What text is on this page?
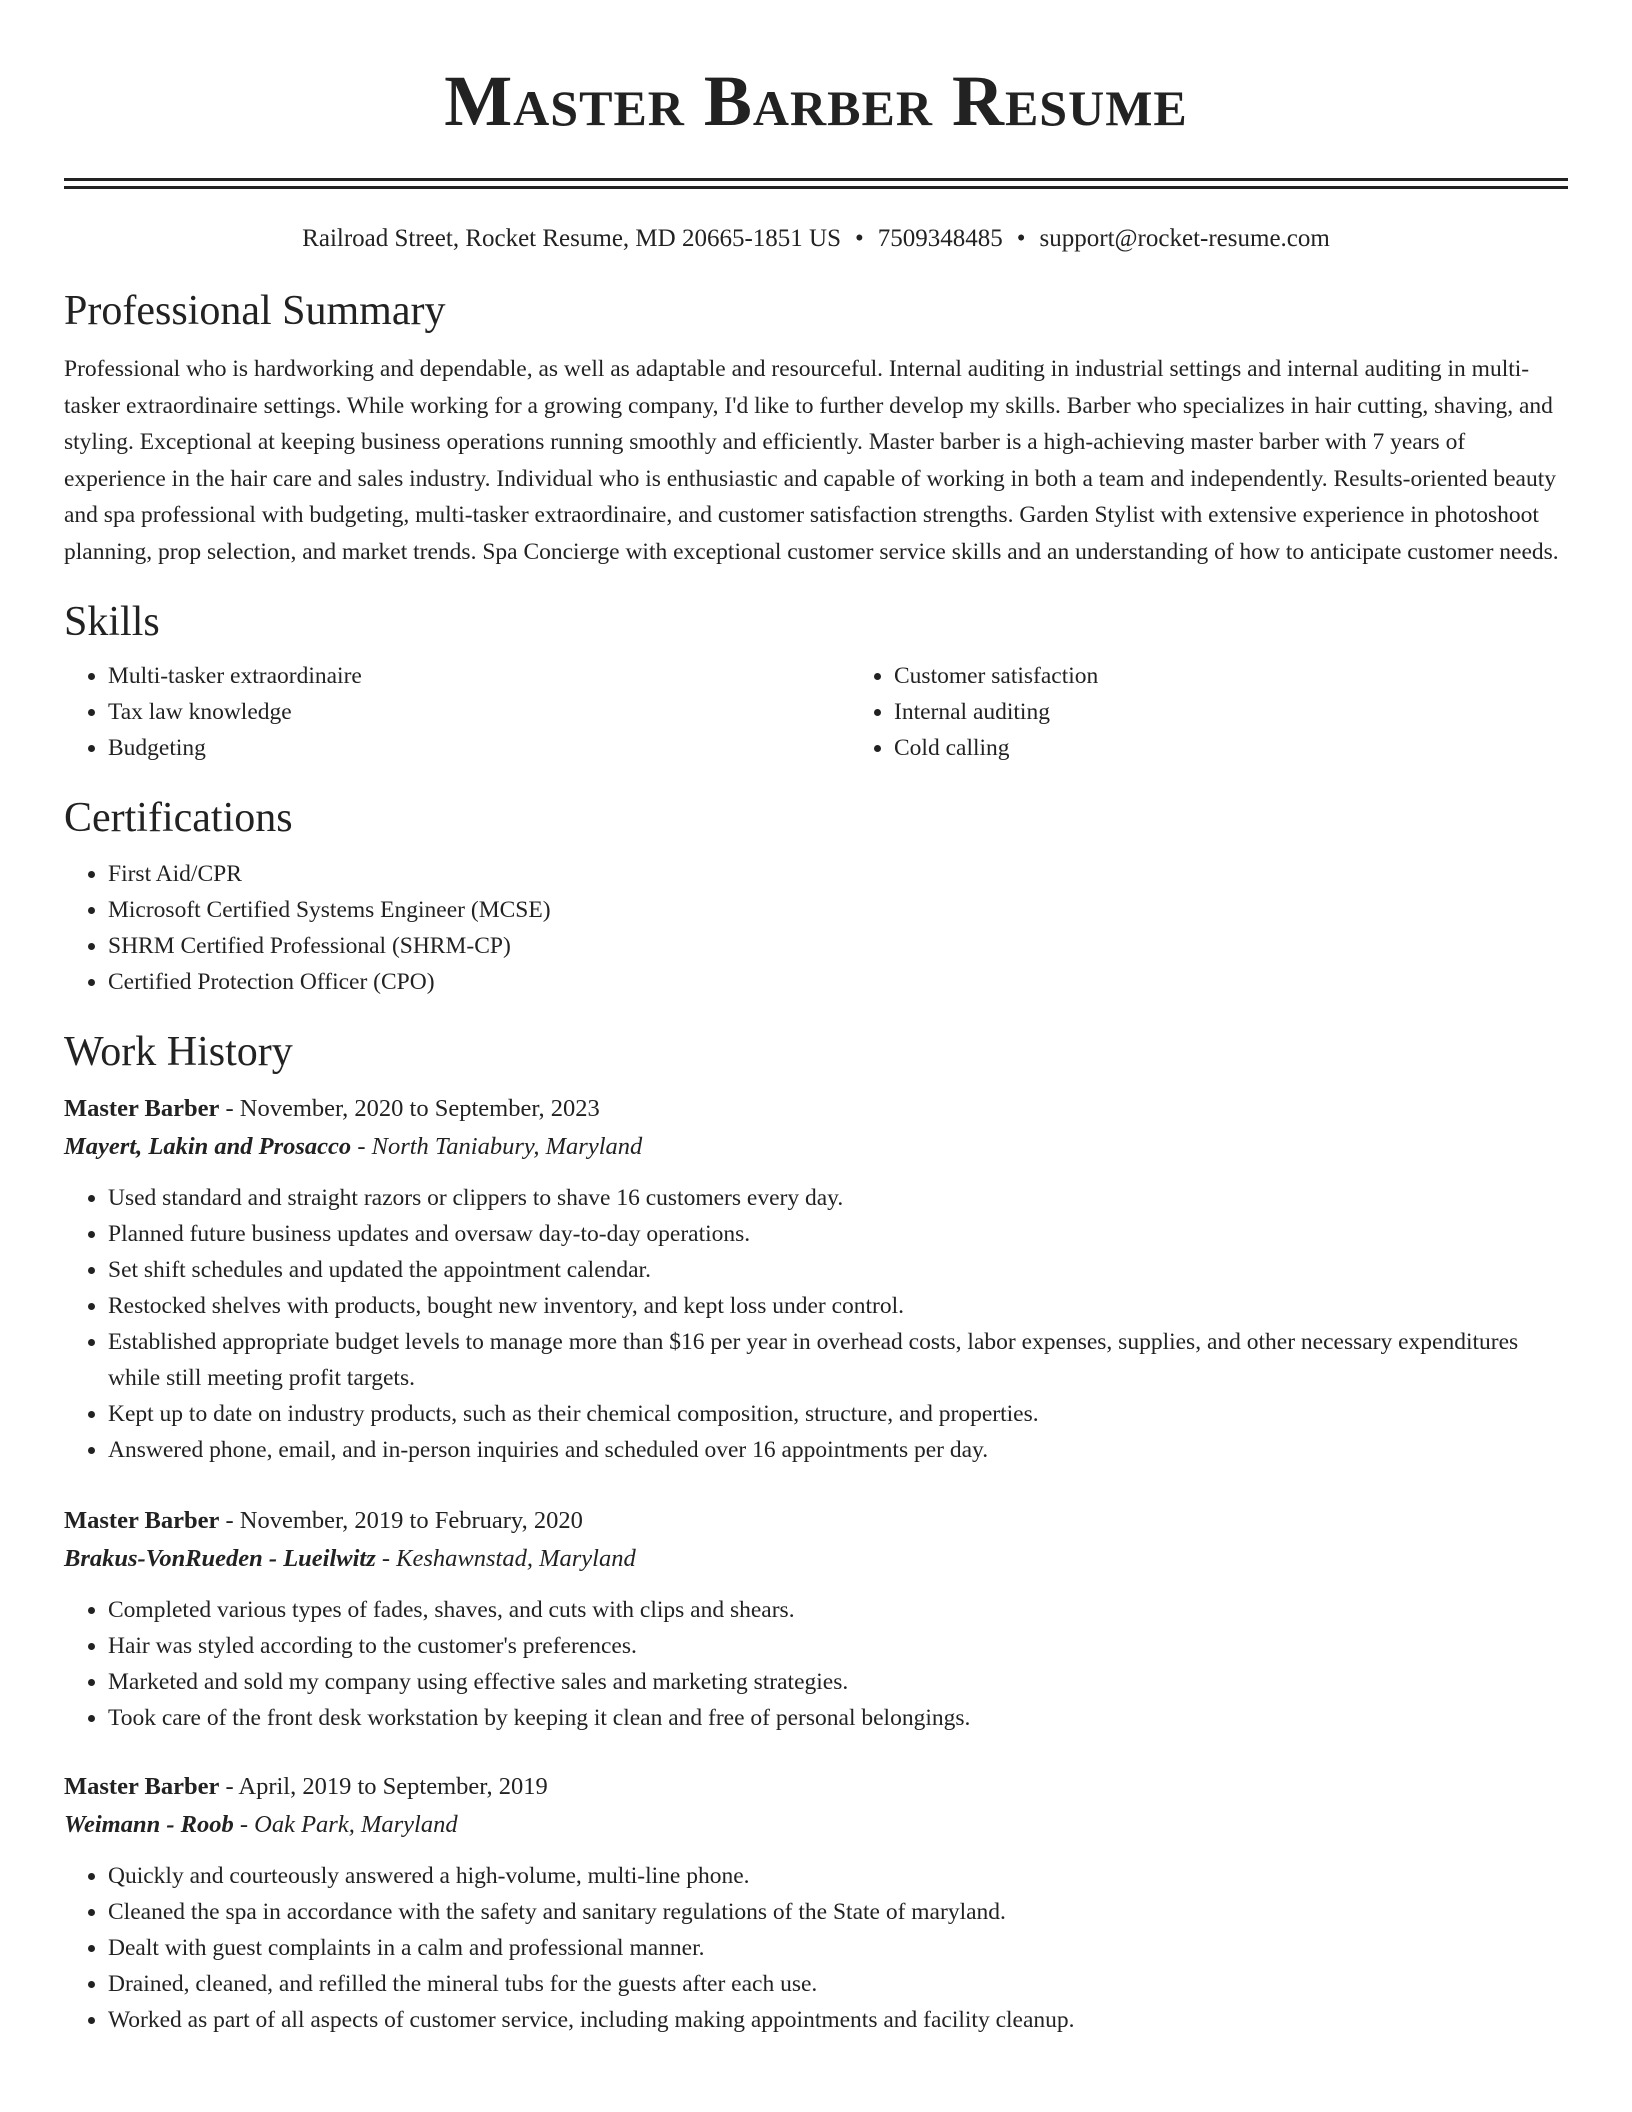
Master Barber Resume
Railroad Street, Rocket Resume, MD 20665-1851 US • 7509348485 • support@rocket-resume.com
Professional Summary

Professional who is hardworking and dependable, as well as adaptable and resourceful. Internal auditing in industrial settings and internal auditing in multi-tasker extraordinaire settings. While working for a growing company, I'd like to further develop my skills. Barber who specializes in hair cutting, shaving, and styling. Exceptional at keeping business operations running smoothly and efficiently. Master barber is a high-achieving master barber with 7 years of experience in the hair care and sales industry. Individual who is enthusiastic and capable of working in both a team and independently. Results-oriented beauty and spa professional with budgeting, multi-tasker extraordinaire, and customer satisfaction strengths. Garden Stylist with extensive experience in photoshoot planning, prop selection, and market trends. Spa Concierge with exceptional customer service skills and an understanding of how to anticipate customer needs.

Skills
• Multi-tasker extraordinaire
• Tax law knowledge
• Budgeting
• Customer satisfaction
• Internal auditing
• Cold calling
Certifications
• First Aid/CPR
• Microsoft Certified Systems Engineer (MCSE)
• SHRM Certified Professional (SHRM-CP)
• Certified Protection Officer (CPO)
Work History
Master Barber - November, 2020 to September, 2023
Mayert, Lakin and Prosacco - North Taniabury, Maryland
• Used standard and straight razors or clippers to shave 16 customers every day.
• Planned future business updates and oversaw day-to-day operations.
• Set shift schedules and updated the appointment calendar.
• Restocked shelves with products, bought new inventory, and kept loss under control.
• Established appropriate budget levels to manage more than $16 per year in overhead costs, labor expenses, supplies, and other necessary expenditures while still meeting profit targets.
• Kept up to date on industry products, such as their chemical composition, structure, and properties.
• Answered phone, email, and in-person inquiries and scheduled over 16 appointments per day.
Master Barber - November, 2019 to February, 2020
Brakus-VonRueden - Lueilwitz - Keshawnstad, Maryland
• Completed various types of fades, shaves, and cuts with clips and shears.
• Hair was styled according to the customer's preferences.
• Marketed and sold my company using effective sales and marketing strategies.
• Took care of the front desk workstation by keeping it clean and free of personal belongings.
Master Barber - April, 2019 to September, 2019
Weimann - Roob - Oak Park, Maryland
• Quickly and courteously answered a high-volume, multi-line phone.
• Cleaned the spa in accordance with the safety and sanitary regulations of the State of maryland.
• Dealt with guest complaints in a calm and professional manner.
• Drained, cleaned, and refilled the mineral tubs for the guests after each use.
• Worked as part of all aspects of customer service, including making appointments and facility cleanup.
